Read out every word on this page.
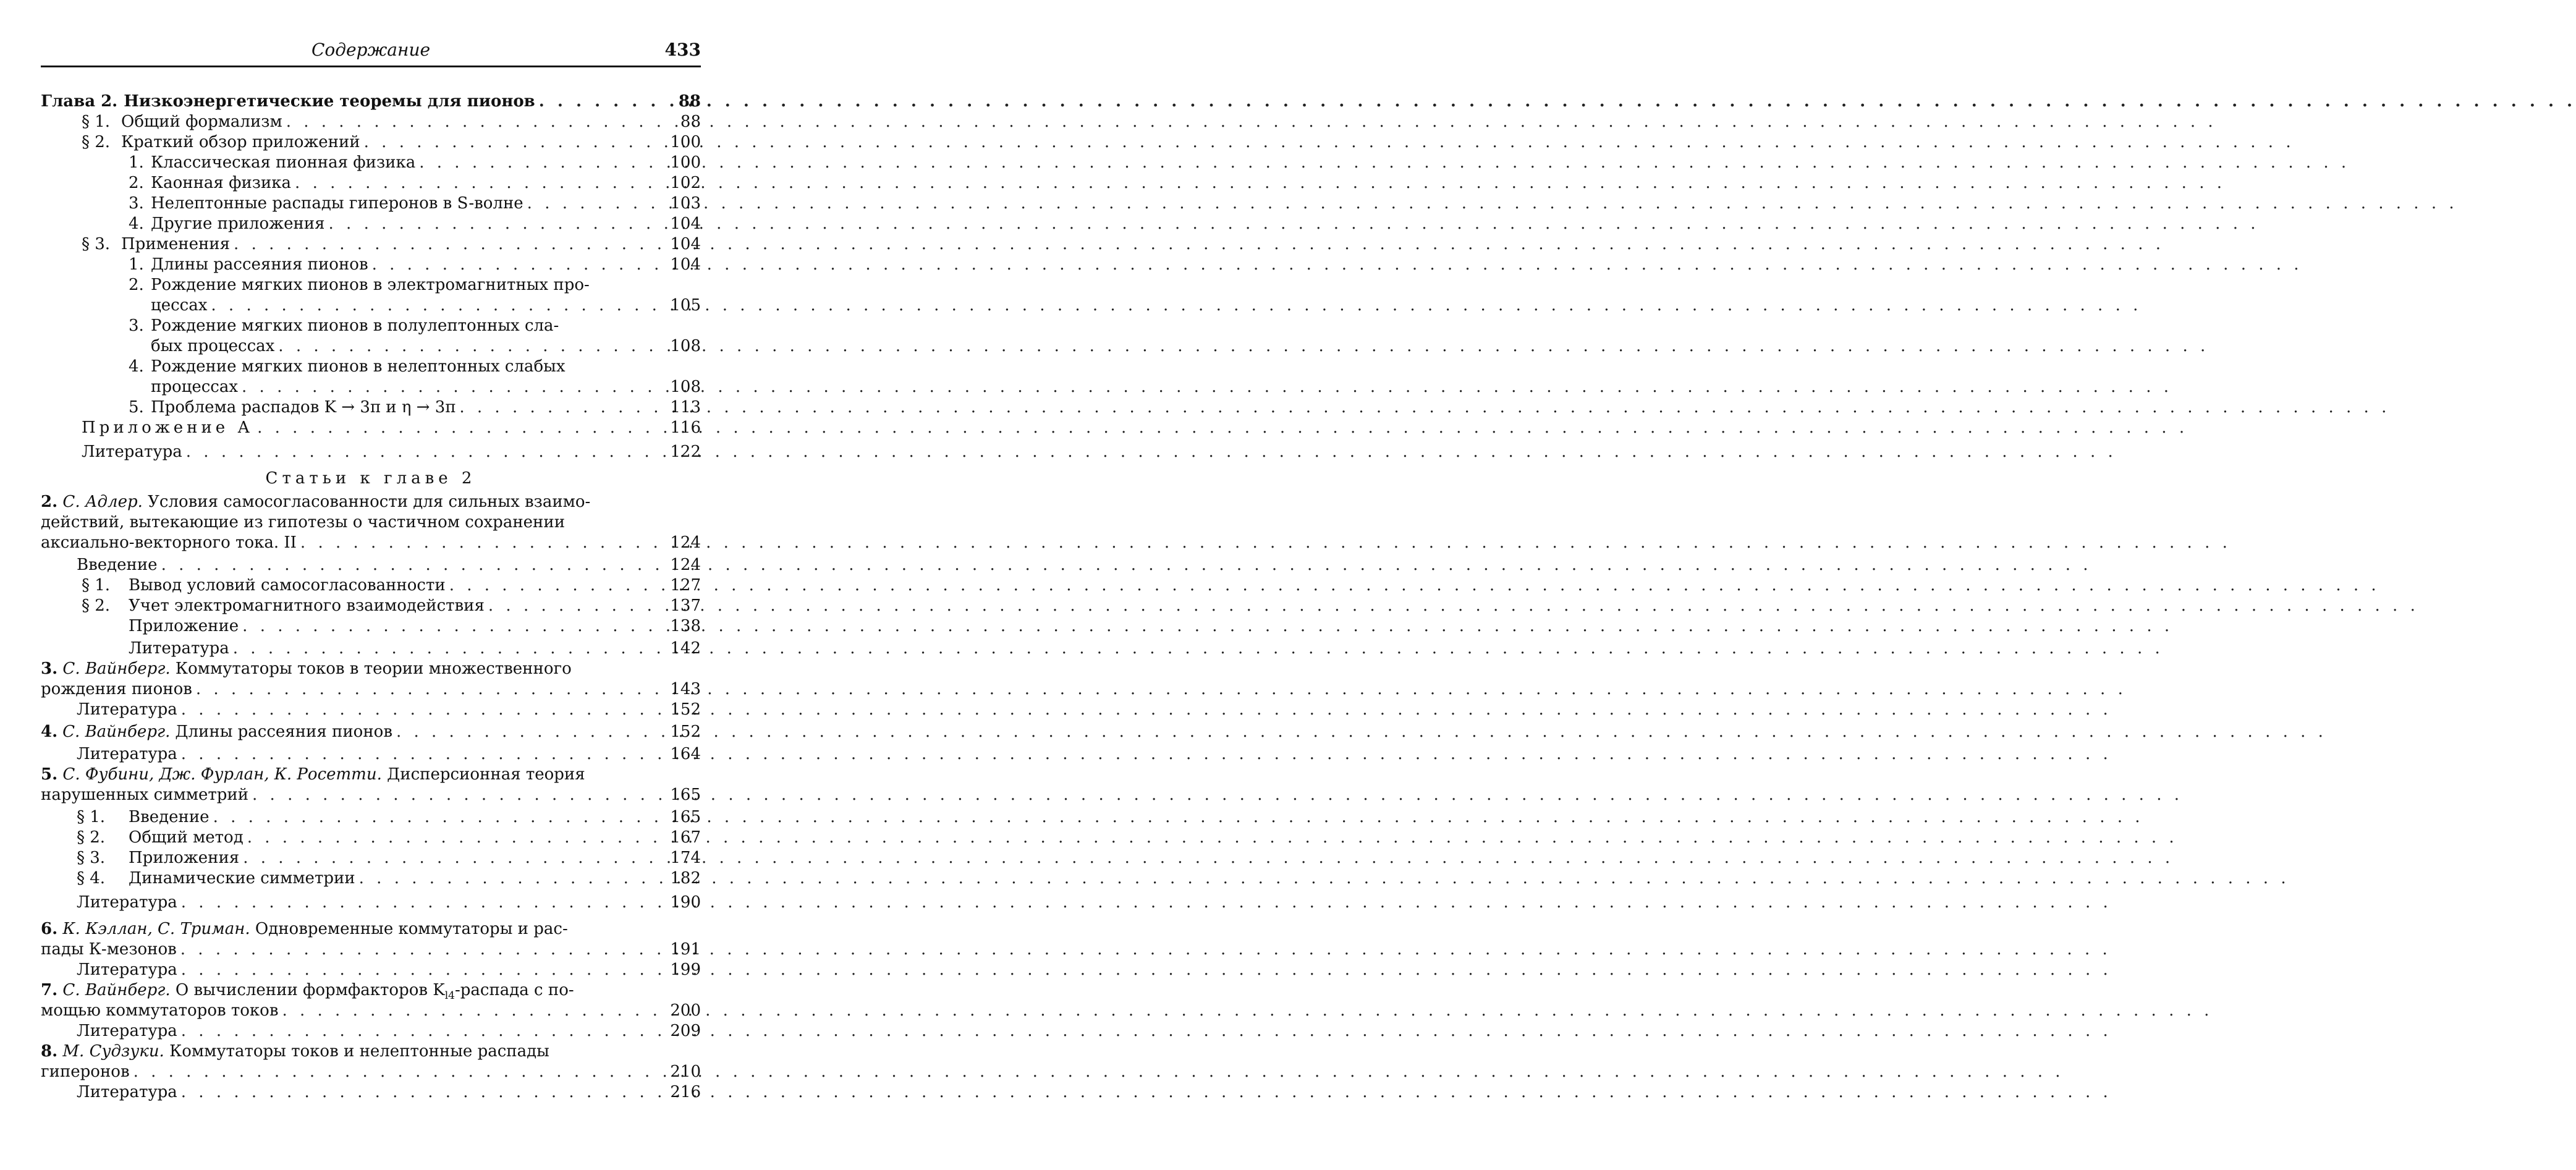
Содержание	433
Глава 2. Низкоэнергетические теоремы для пионов . . .	88
§ 1. Общий формализм . . .	88
§ 2. Краткий обзор приложений . . .	100
1. Классическая пионная физика . . .	100
2. Каонная физика . . .	102
3. Нелептонные распады гиперонов в S-волне . . .	103
4. Другие приложения . . .	104
§ 3. Применения . . .	104
1. Длины рассеяния пионов . . .	104
2. Рождение мягких пионов в электромагнитных про-
цессах . . .	105
3. Рождение мягких пионов в полулептонных сла-
бых процессах . . .	108
4. Рождение мягких пионов в нелептонных слабых
процессах . . .	108
5. Проблема распадов K → 3π и η → 3π . . .	113
Приложение А . . .	116
Литература . . .	122
Статьи к главе 2
2. С. Адлер. Условия самосогласованности для сильных взаимо-
действий, вытекающие из гипотезы о частичном сохранении
аксиально-векторного тока. II . . .	124
Введение . . .	124
§ 1.	Вывод условий самосогласованности . . .	127
§ 2.	Учет электромагнитного взаимодействия . . .	137
Приложение . . .	138
Литература . . .	142
3. С. Вайнберг. Коммутаторы токов в теории множественного
рождения пионов . . .	143
Литература . . .	152
4. С. Вайнберг. Длины рассеяния пионов . . .	152
Литература . . .	164
5. С. Фубини, Дж. Фурлан, К. Росетти. Дисперсионная теория
нарушенных симметрий . . .	165
§ 1.	Введение . . .	165
§ 2.	Общий метод . . .	167
§ 3.	Приложения . . .	174
§ 4.	Динамические симметрии . . .	182
Литература . . .	190
6. К. Кэллан, С. Триман. Одновременные коммутаторы и рас-
пады К-мезонов . . .	191
Литература . . .	199
7. С. Вайнберг. О вычислении формфакторов $K_{l4}$-распада с по-
мощью коммутаторов токов . . .	200
Литература . . .	209
8. М. Судзуки. Коммутаторы токов и нелептонные распады
гиперонов . . .	210
Литература . . .	216
